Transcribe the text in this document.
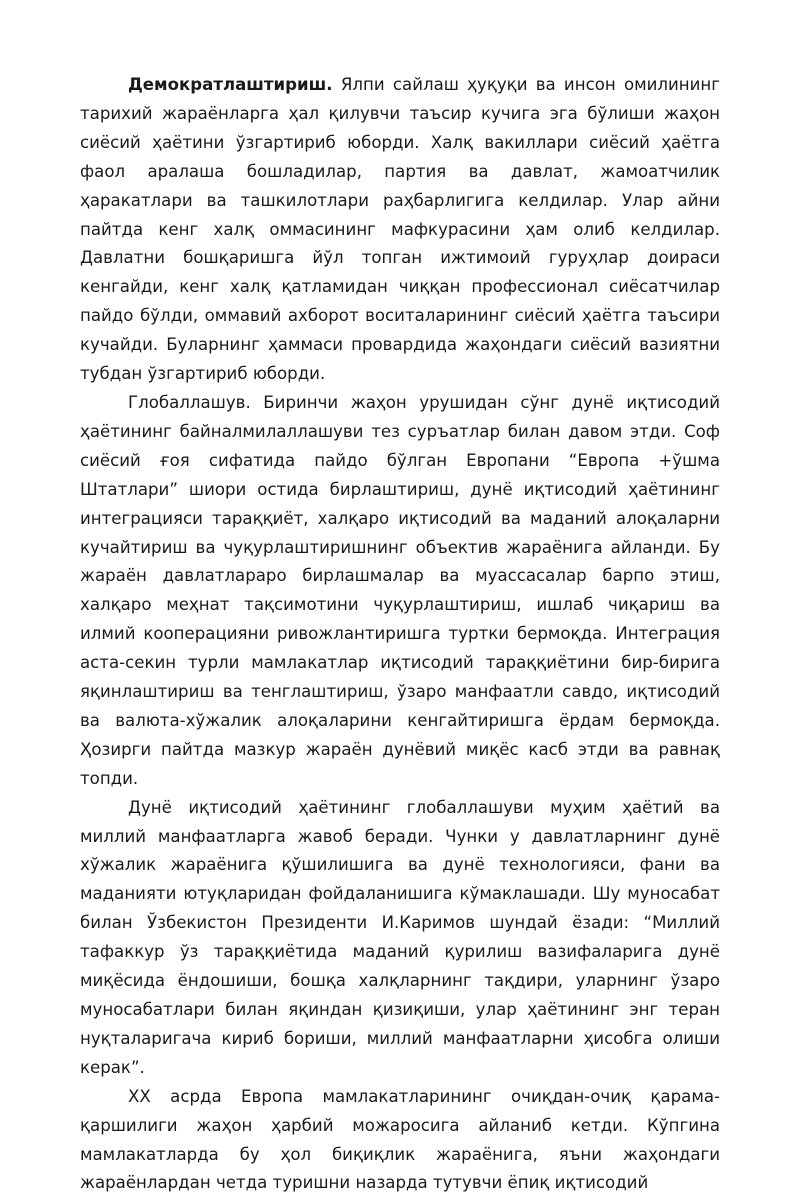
Демократлаштириш. Ялпи сайлаш ҳуқуқи ва инсон омилининг тарихий жараёнларга ҳал қилувчи таъсир кучига эга бўлиши жаҳон сиёсий ҳаётини ўзгартириб юборди. Халқ вакиллари сиёсий ҳаётга фаол аралаша бошладилар, партия ва давлат, жамоатчилик ҳаракатлари ва ташкилотлари раҳбарлигига келдилар. Улар айни пайтда кенг халқ оммасининг мафкурасини ҳам олиб келдилар. Давлатни бошқаришга йўл топган ижтимоий гуруҳлар доираси кенгайди, кенг халқ қатламидан чиққан профессионал сиёсатчилар пайдо бўлди, оммавий ахборот воситаларининг сиёсий ҳаётга таъсири кучайди. Буларнинг ҳаммаси провардида жаҳондаги сиёсий вазиятни тубдан ўзгартириб юборди.

Глобаллашув. Биринчи жаҳон урушидан сўнг дунё иқтисодий ҳаётининг байналмилаллашуви тез суръатлар билан давом этди. Соф сиёсий ғоя сифатида пайдо бўлган Европани “Европа +ўшма Штатлари” шиори остида бирлаштириш, дунё иқтисодий ҳаётининг интеграцияси тараққиёт, халқаро иқтисодий ва маданий алоқаларни кучайтириш ва чуқурлаштиришнинг объектив жараёнига айланди. Бу жараён давлатлараро бирлашмалар ва муассасалар барпо этиш, халқаро меҳнат тақсимотини чуқурлаштириш, ишлаб чиқариш ва илмий кооперацияни ривожлантиришга туртки бермоқда. Интеграция аста-секин турли мамлакатлар иқтисодий тараққиётини бир-бирига яқинлаштириш ва тенглаштириш, ўзаро манфаатли савдо, иқтисодий ва валюта-хўжалик алоқаларини кенгайтиришга ёрдам бермоқда. Ҳозирги пайтда мазкур жараён дунёвий миқёс касб этди ва равнақ топди.

Дунё иқтисодий ҳаётининг глобаллашуви муҳим ҳаётий ва миллий манфаатларга жавоб беради. Чунки у давлатларнинг дунё хўжалик жараёнига қўшилишига ва дунё технологияси, фани ва маданияти ютуқларидан фойдаланишига кўмаклашади. Шу муносабат билан Ўзбекистон Президенти И.Каримов шундай ёзади: “Миллий тафаккур ўз тараққиётида маданий қурилиш вазифаларига дунё миқёсида ёндошиши, бошқа халқларнинг тақдири, уларнинг ўзаро муносабатлари билан яқиндан қизиқиши, улар ҳаётининг энг теран нуқталаригача кириб бориши, миллий манфаатларни ҳисобга олиши керак”.

XX асрда Европа мамлакатларининг очиқдан-очиқ қарама-қаршилиги жаҳон ҳарбий можаросига айланиб кетди. Кўпгина мамлакатларда бу ҳол биқиқлик жараёнига, яъни жаҳондаги жараёнлардан четда туришни назарда тутувчи ёпиқ иқтисодий
